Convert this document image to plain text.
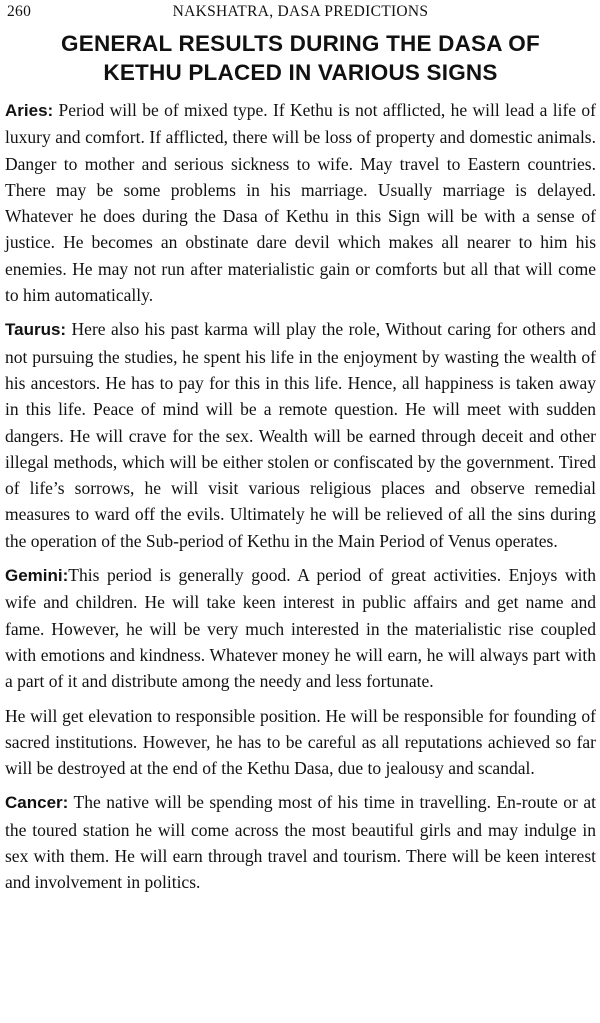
260	NAKSHATRA, DASA PREDICTIONS
GENERAL RESULTS DURING THE DASA OF
KETHU PLACED IN VARIOUS SIGNS

Aries: Period will be of mixed type. If Kethu is not afflicted, he will lead a life of luxury and comfort. If afflicted, there will be loss of property and domestic animals. Danger to mother and serious sickness to wife. May travel to Eastern countries. There may be some problems in his marriage. Usually marriage is delayed. Whatever he does during the Dasa of Kethu in this Sign will be with a sense of justice. He becomes an obstinate dare devil which makes all nearer to him his enemies. He may not run after materialistic gain or comforts but all that will come to him automatically.

Taurus: Here also his past karma will play the role, Without caring for others and not pursuing the studies, he spent his life in the enjoyment by wasting the wealth of his ancestors. He has to pay for this in this life. Hence, all happiness is taken away in this life. Peace of mind will be a remote question. He will meet with sudden dangers. He will crave for the sex. Wealth will be earned through deceit and other illegal methods, which will be either stolen or confiscated by the government. Tired of life’s sorrows, he will visit various religious places and observe remedial measures to ward off the evils. Ultimately he will be relieved of all the sins during the operation of the Sub-period of Kethu in the Main Period of Venus operates.

Gemini:This period is generally good. A period of great activities. Enjoys with wife and children. He will take keen interest in public affairs and get name and fame. However, he will be very much interested in the materialistic rise coupled with emotions and kindness. Whatever money he will earn, he will always part with a part of it and distribute among the needy and less fortunate.

He will get elevation to responsible position. He will be responsible for founding of sacred institutions. However, he has to be careful as all reputations achieved so far will be destroyed at the end of the Kethu Dasa, due to jealousy and scandal.

Cancer: The native will be spending most of his time in travelling. En-route or at the toured station he will come across the most beautiful girls and may indulge in sex with them. He will earn through travel and tourism. There will be keen interest and involvement in politics.
